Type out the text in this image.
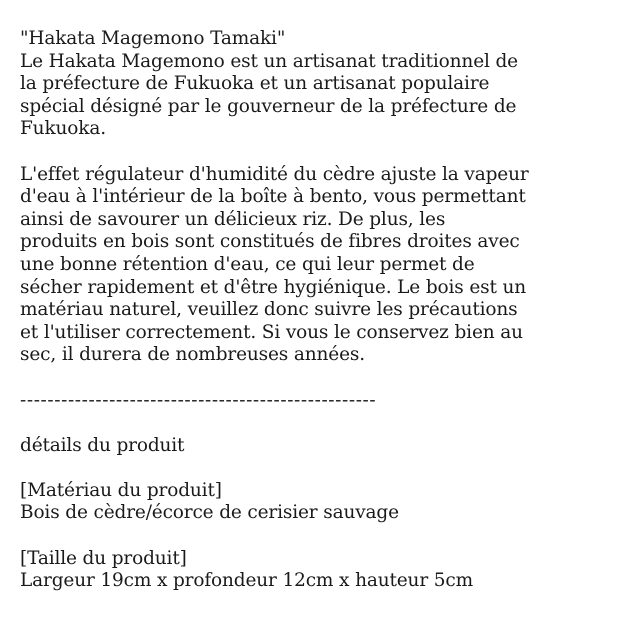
"Hakata Magemono Tamaki"
Le Hakata Magemono est un artisanat traditionnel de
la préfecture de Fukuoka et un artisanat populaire
spécial désigné par le gouverneur de la préfecture de
Fukuoka.
L'effet régulateur d'humidité du cèdre ajuste la vapeur
d'eau à l'intérieur de la boîte à bento, vous permettant
ainsi de savourer un délicieux riz. De plus, les
produits en bois sont constitués de fibres droites avec
une bonne rétention d'eau, ce qui leur permet de
sécher rapidement et d'être hygiénique. Le bois est un
matériau naturel, veuillez donc suivre les précautions
et l'utiliser correctement. Si vous le conservez bien au
sec, il durera de nombreuses années.
----------------------------------------------------
détails du produit
[Matériau du produit]
Bois de cèdre/écorce de cerisier sauvage
[Taille du produit]
Largeur 19cm x profondeur 12cm x hauteur 5cm
